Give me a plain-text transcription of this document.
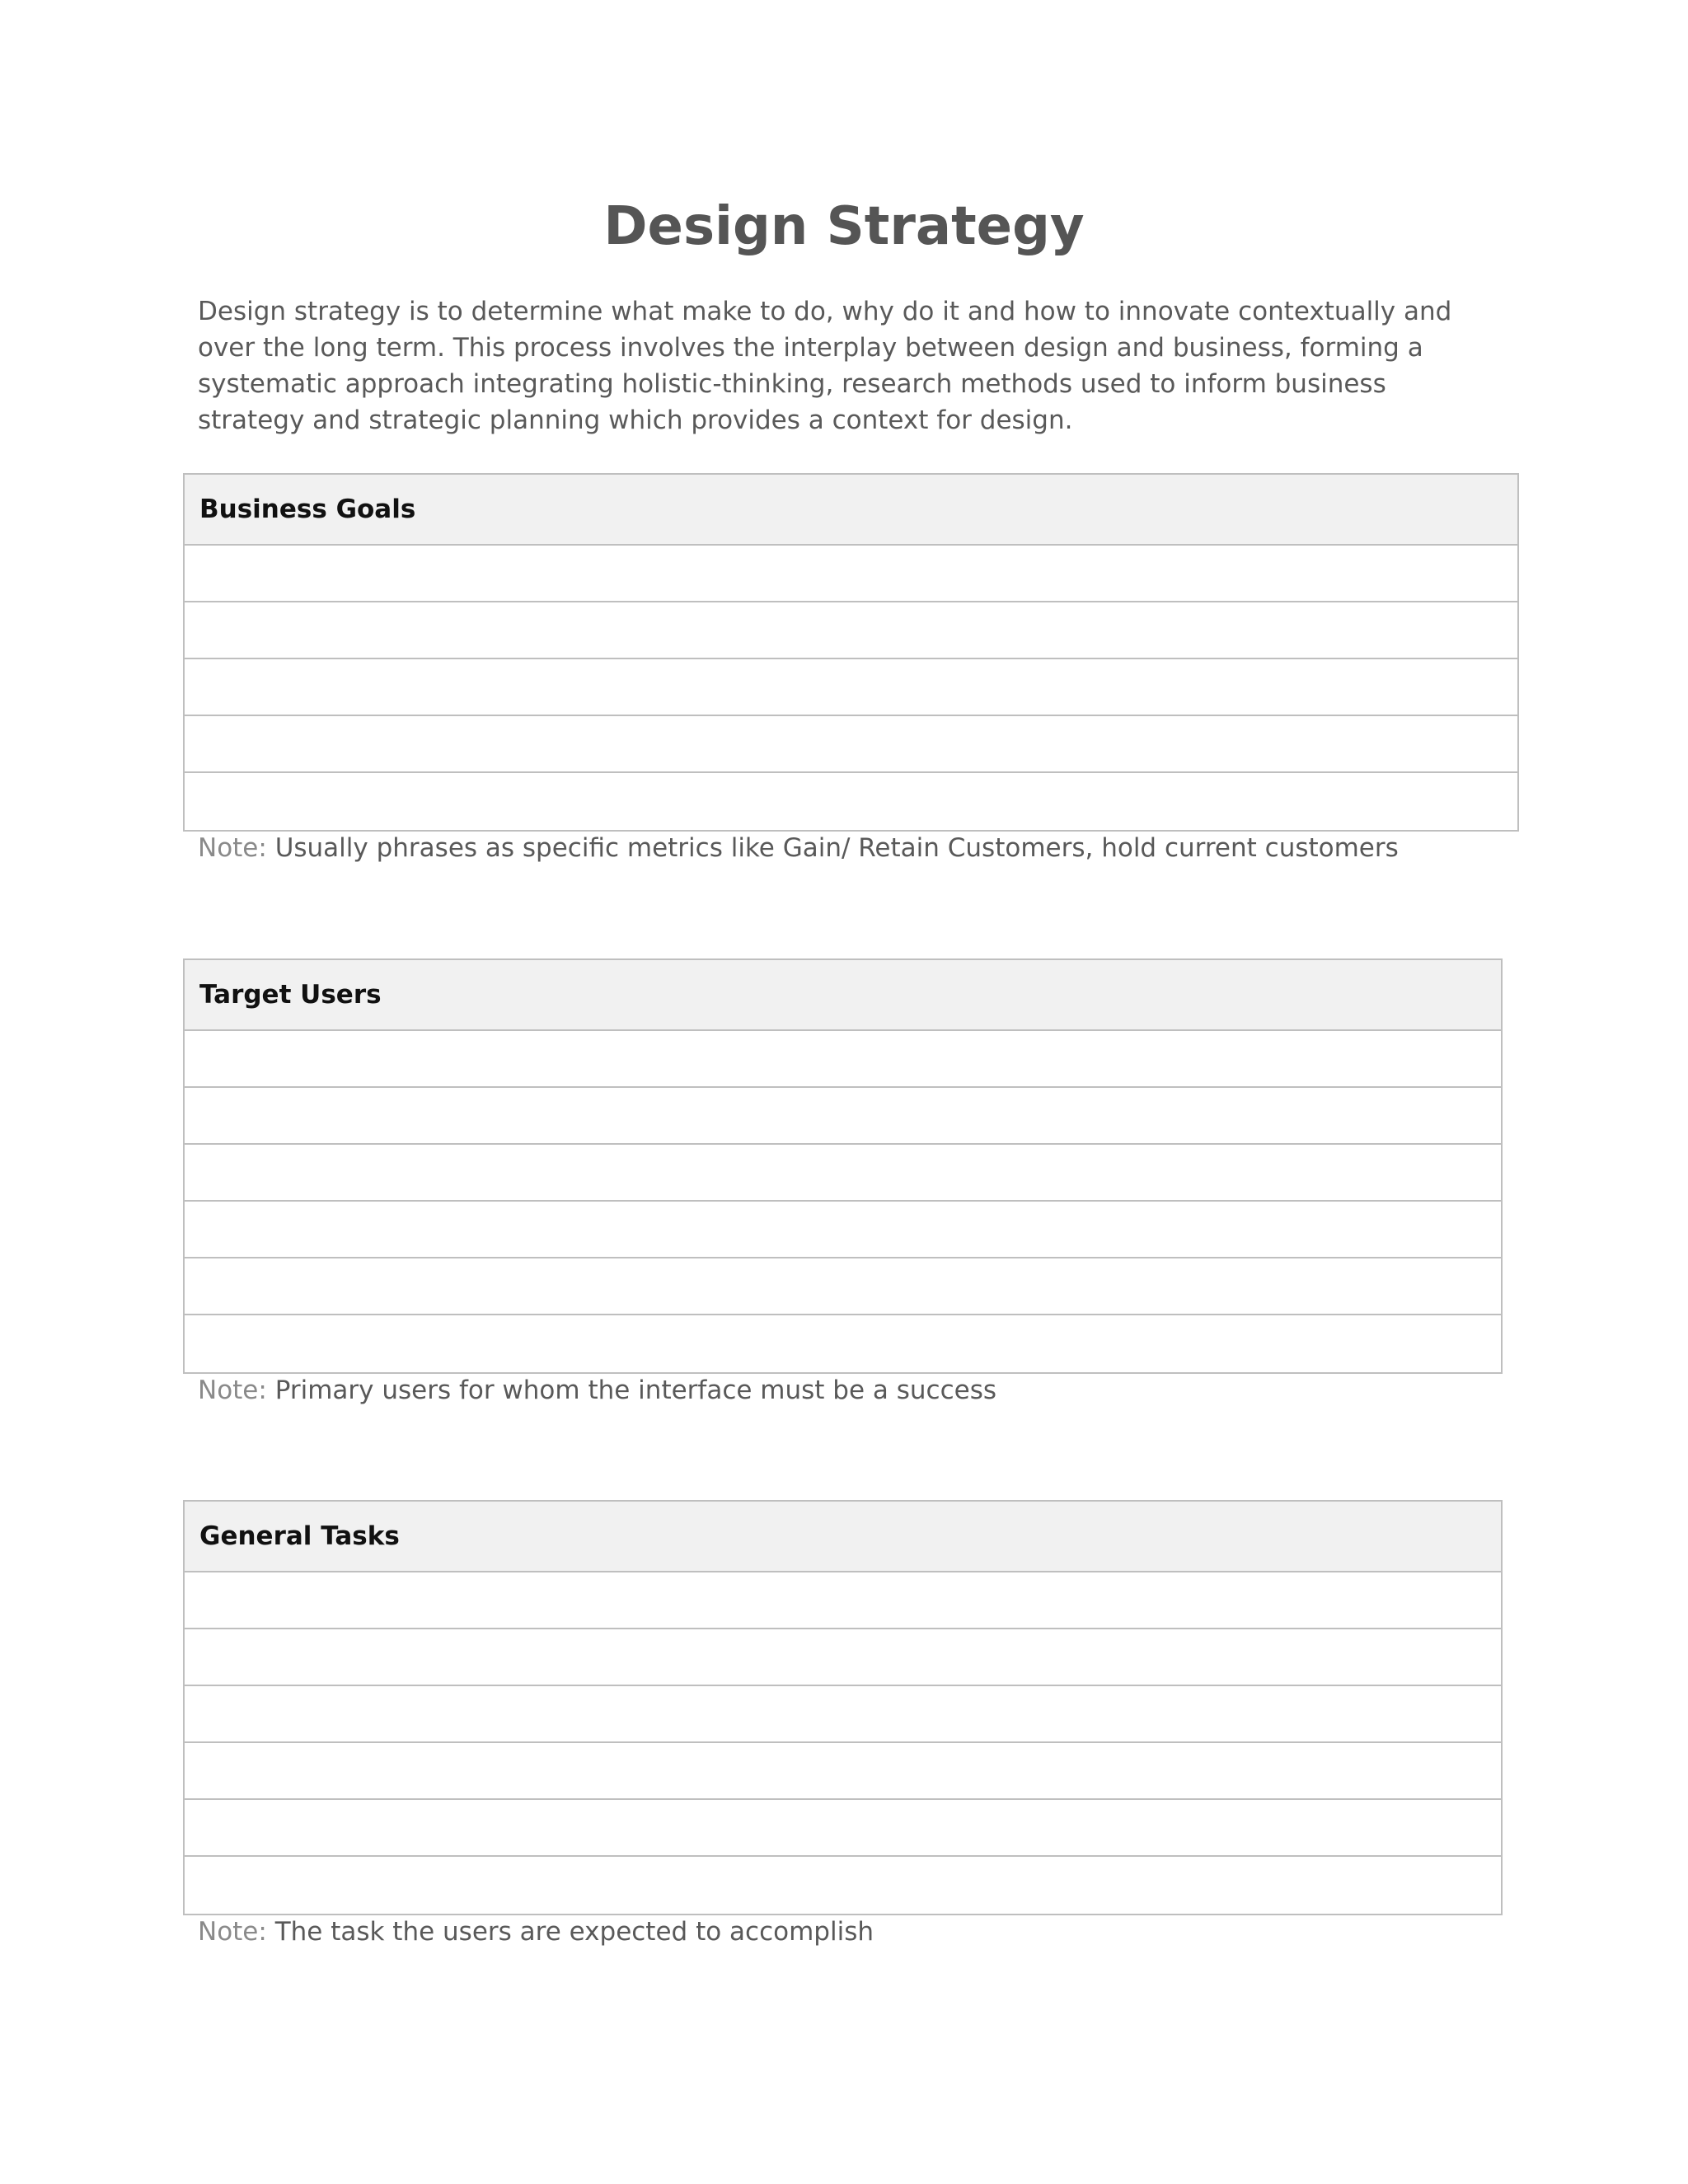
Design Strategy

Design strategy is to determine what make to do, why do it and how to innovate contextually and over the long term. This process involves the interplay between design and business, forming a systematic approach integrating holistic-thinking, research methods used to inform business strategy and strategic planning which provides a context for design.

Business Goals

Note: Usually phrases as specific metrics like Gain/ Retain Customers, hold current customers

Target Users

Note: Primary users for whom the interface must be a success

General Tasks

Note: The task the users are expected to accomplish
